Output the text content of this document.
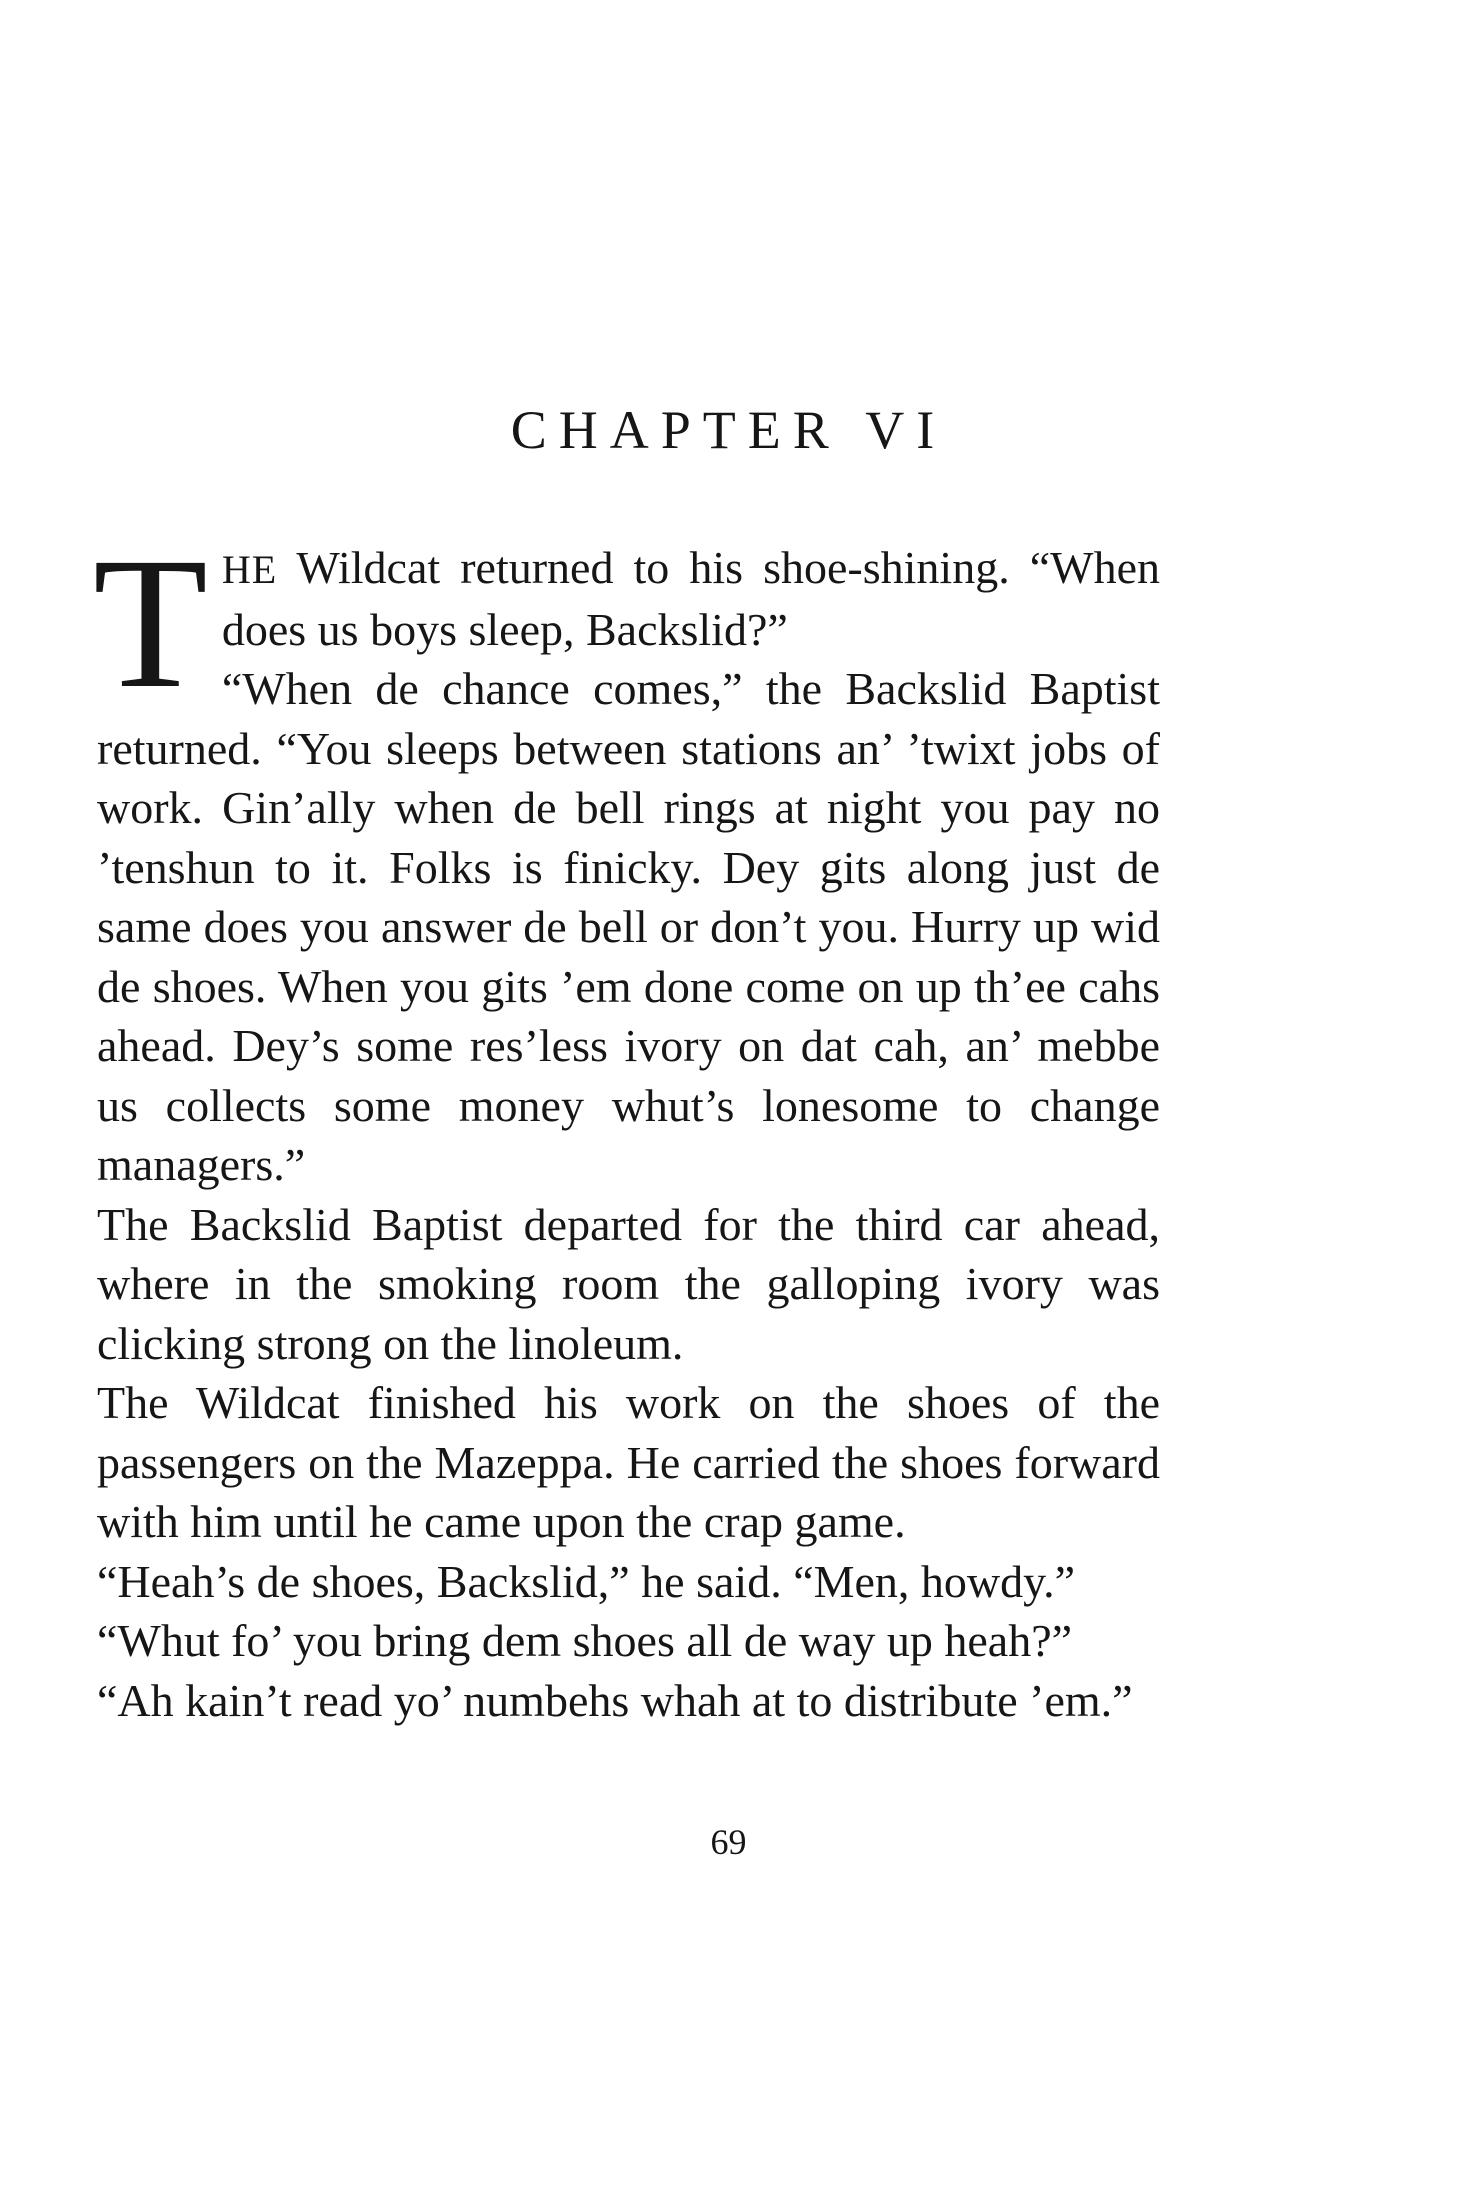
CHAPTER VI

THE Wildcat returned to his shoe-shining. “When does us boys sleep, Backslid?”

“When de chance comes,” the Backslid Baptist returned. “You sleeps between stations an’ ’twixt jobs of work. Gin’ally when de bell rings at night you pay no ’tenshun to it. Folks is finicky. Dey gits along just de same does you answer de bell or don’t you. Hurry up wid de shoes. When you gits ’em done come on up th’ee cahs ahead. Dey’s some res’less ivory on dat cah, an’ mebbe us collects some money whut’s lonesome to change managers.”

The Backslid Baptist departed for the third car ahead, where in the smoking room the galloping ivory was clicking strong on the linoleum.

The Wildcat finished his work on the shoes of the passengers on the Mazeppa. He carried the shoes forward with him until he came upon the crap game.

“Heah’s de shoes, Backslid,” he said. “Men, howdy.”

“Whut fo’ you bring dem shoes all de way up heah?”

“Ah kain’t read yo’ numbehs whah at to distribute ’em.”

69
